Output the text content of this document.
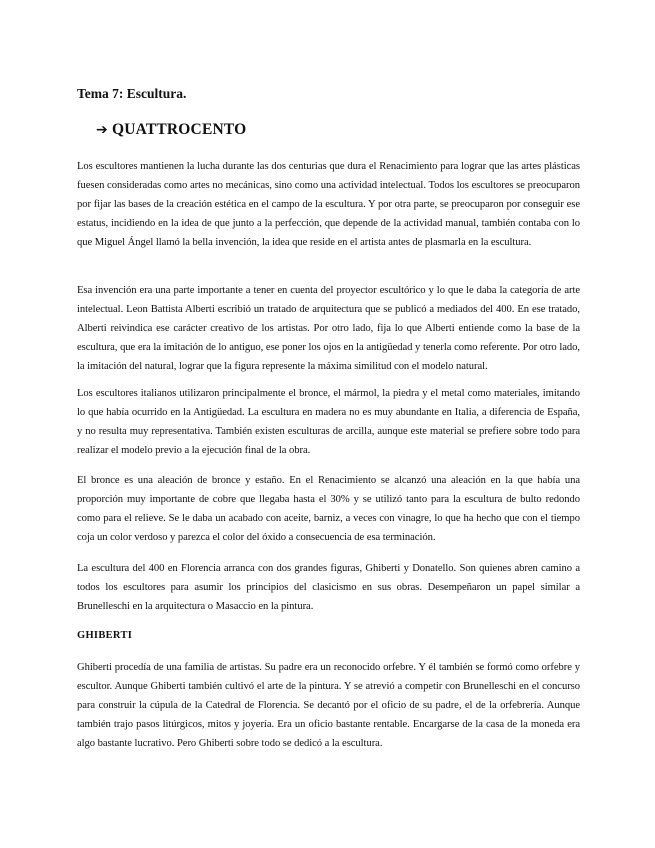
Tema 7: Escultura.
➔ QUATTROCENTO

Los escultores mantienen la lucha durante las dos centurias que dura el Renacimiento para lograr que las artes plásticas fuesen consideradas como artes no mecánicas, sino como una actividad intelectual. Todos los escultores se preocuparon por fijar las bases de la creación estética en el campo de la escultura. Y por otra parte, se preocuparon por conseguir ese estatus, incidiendo en la idea de que junto a la perfección, que depende de la actividad manual, también contaba con lo que Miguel Ángel llamó la bella invención, la idea que reside en el artista antes de plasmarla en la escultura.

Esa invención era una parte importante a tener en cuenta del proyector escultórico y lo que le daba la categoría de arte intelectual. Leon Battista Alberti escribió un tratado de arquitectura que se publicó a mediados del 400. En ese tratado, Alberti reivindica ese carácter creativo de los artistas. Por otro lado, fija lo que Alberti entiende como la base de la escultura, que era la imitación de lo antiguo, ese poner los ojos en la antigüedad y tenerla como referente. Por otro lado, la imitación del natural, lograr que la figura represente la máxima similitud con el modelo natural.

Los escultores italianos utilizaron principalmente el bronce, el mármol, la piedra y el metal como materiales, imitando lo que había ocurrido en la Antigüedad. La escultura en madera no es muy abundante en Italia, a diferencia de España, y no resulta muy representativa. También existen esculturas de arcilla, aunque este material se prefiere sobre todo para realizar el modelo previo a la ejecución final de la obra.

El bronce es una aleación de bronce y estaño. En el Renacimiento se alcanzó una aleación en la que había una proporción muy importante de cobre que llegaba hasta el 30% y se utilizó tanto para la escultura de bulto redondo como para el relieve. Se le daba un acabado con aceite, barniz, a veces con vinagre, lo que ha hecho que con el tiempo coja un color verdoso y parezca el color del óxido a consecuencia de esa terminación.

La escultura del 400 en Florencia arranca con dos grandes figuras, Ghiberti y Donatello. Son quienes abren camino a todos los escultores para asumir los principios del clasicismo en sus obras. Desempeñaron un papel similar a Brunelleschi en la arquitectura o Masaccio en la pintura.

GHIBERTI

Ghiberti procedía de una familia de artistas. Su padre era un reconocido orfebre. Y él también se formó como orfebre y escultor. Aunque Ghiberti también cultivó el arte de la pintura. Y se atrevió a competir con Brunelleschi en el concurso para construir la cúpula de la Catedral de Florencia. Se decantó por el oficio de su padre, el de la orfebrería. Aunque también trajo pasos litúrgicos, mitos y joyería. Era un oficio bastante rentable. Encargarse de la casa de la moneda era algo bastante lucrativo. Pero Ghiberti sobre todo se dedicó a la escultura.
